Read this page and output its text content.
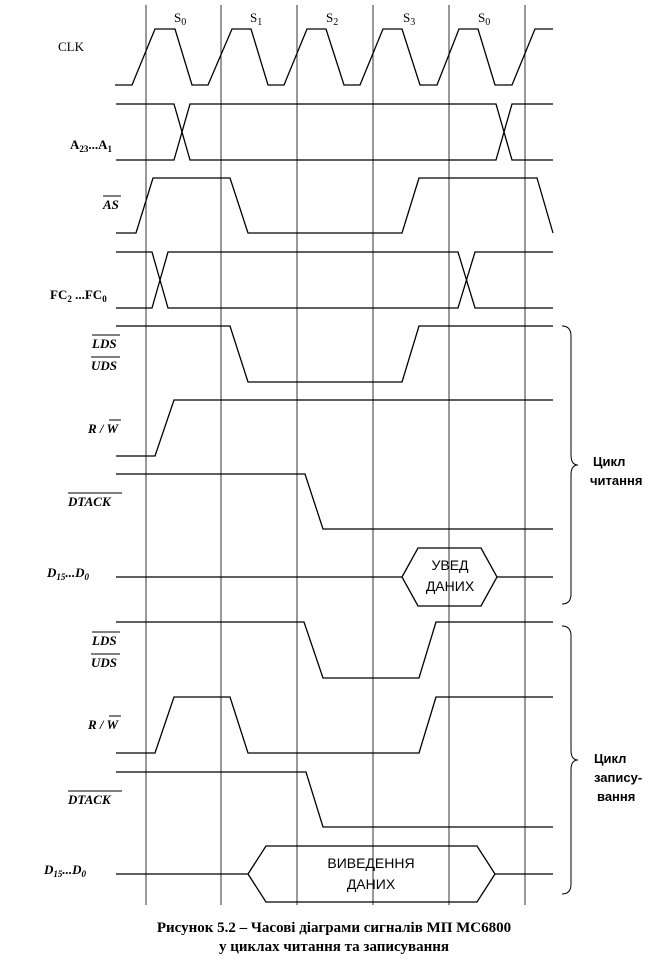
$S_0$	$S_1$	$S_2$	$S_3$	$S_0$
CLK
$A_{23}...A_1$
AS
$FC_2$ $...FC_0$
LDS
UDS
R / W
DTACK
$D_{15}...D_0$
LDS
UDS
R / W
DTACK
$D_{15}...D_0$
УВЕД
ДАНИХ
ВИВЕДЕННЯ
ДАНИХ
Цикл
читання
Цикл
запису-
вання
Рисунок 5.2 – Часові діаграми сигналів МП МС6800
у циклах читання та записування
